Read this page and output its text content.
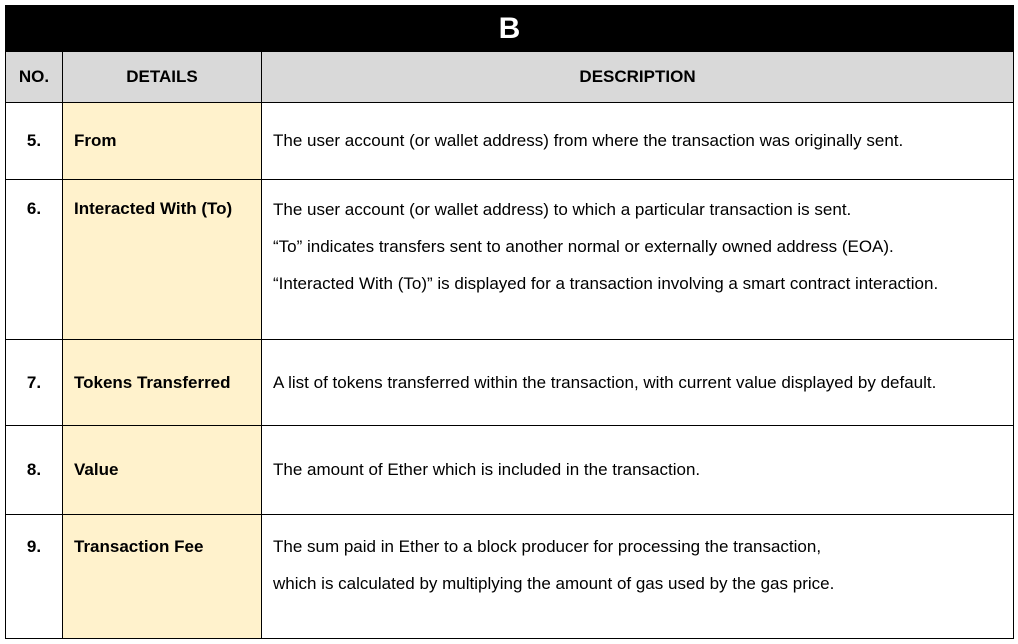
B		
NO.	DETAILS	DESCRIPTION
5.	From	The user account (or wallet address) from where the transaction was originally sent.

6.	Interacted With (To)	The user account (or wallet address) to which a particular transaction is sent.
“To” indicates transfers sent to another normal or externally owned address (EOA).
“Interacted With (To)” is displayed for a transaction involving a smart contract interaction.

7.	Tokens Transferred	A list of tokens transferred within the transaction, with current value displayed by default.

8.	Value	The amount of Ether which is included in the transaction.

9.	Transaction Fee	The sum paid in Ether to a block producer for processing the transaction,
which is calculated by multiplying the amount of gas used by the gas price.
